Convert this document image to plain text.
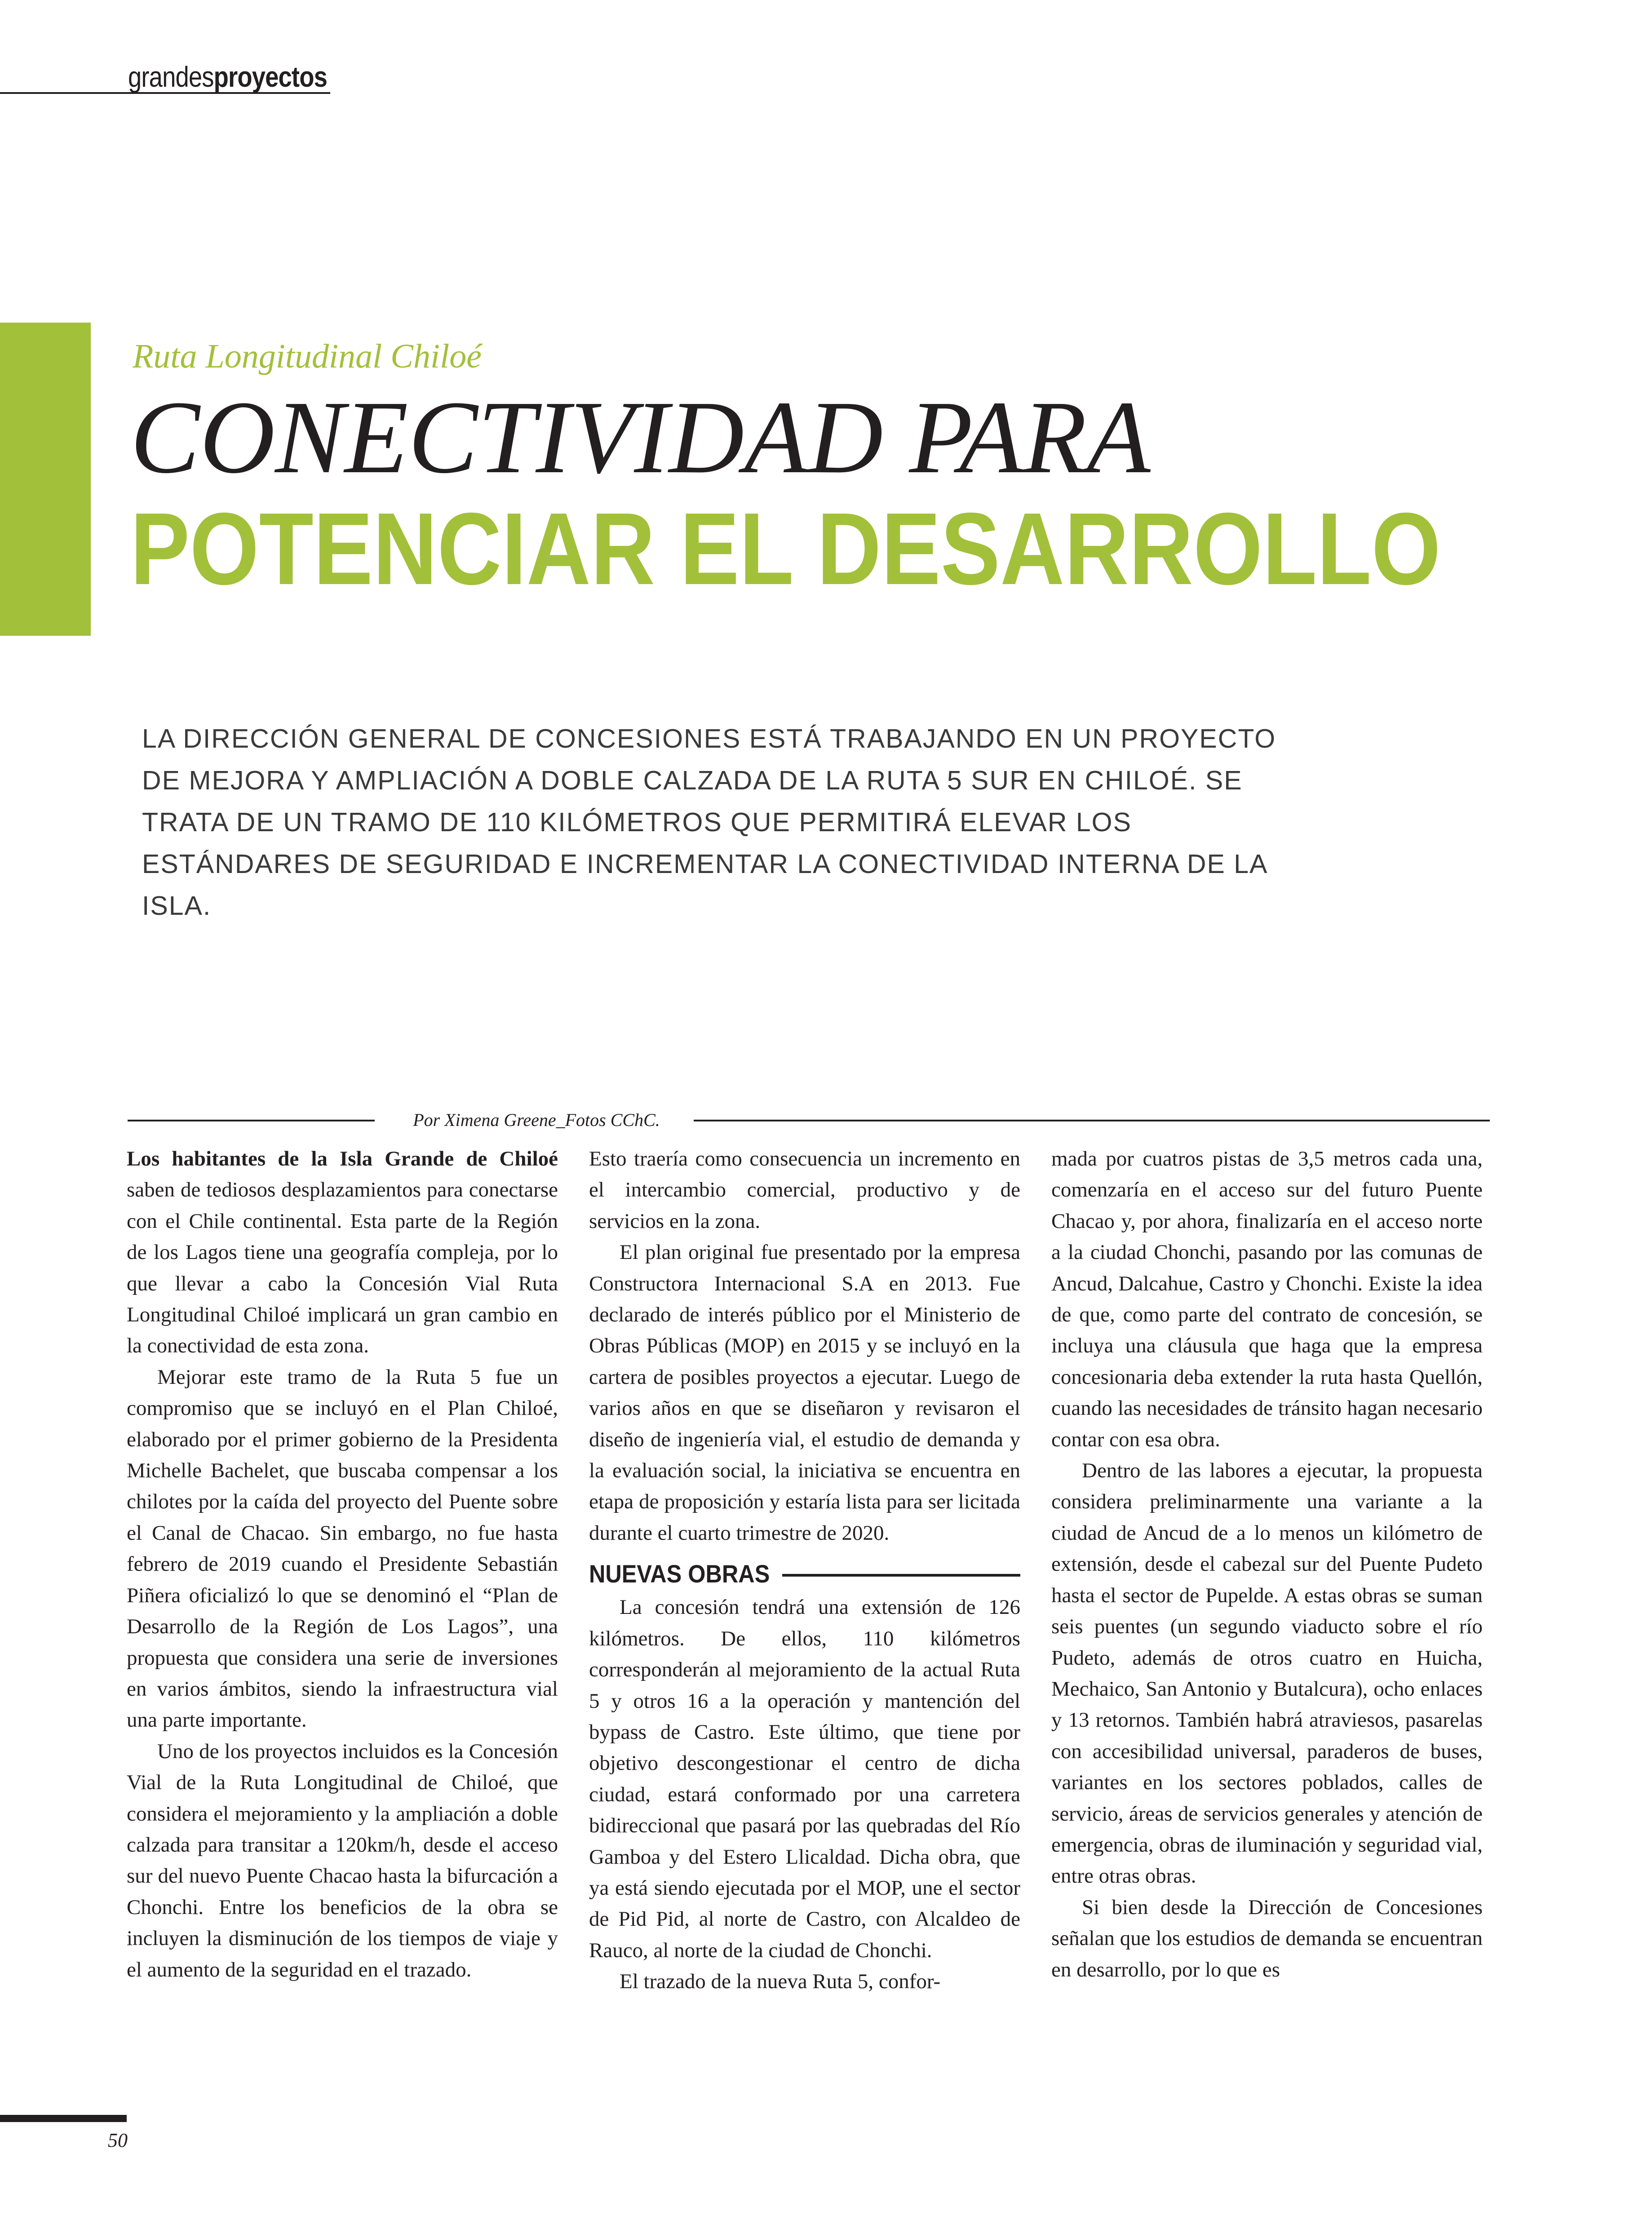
grandesproyectos
Ruta Longitudinal Chiloé
CONECTIVIDAD PARA
POTENCIAR EL DESARROLLO

LA DIRECCIÓN GENERAL DE CONCESIONES ESTÁ TRABAJANDO EN UN PROYECTO DE MEJORA Y AMPLIACIÓN A DOBLE CALZADA DE LA RUTA 5 SUR EN CHILOÉ. SE TRATA DE UN TRAMO DE 110 KILÓMETROS QUE PERMITIRÁ ELEVAR LOS ESTÁNDARES DE SEGURIDAD E INCREMENTAR LA CONECTIVIDAD INTERNA DE LA ISLA.

Por Ximena Greene_Fotos CChC.

Los habitantes de la Isla Grande de Chiloé saben de tediosos desplazamientos para conectarse con el Chile continental. Esta parte de la Región de los Lagos tiene una geografía compleja, por lo que llevar a cabo la Concesión Vial Ruta Longitudinal Chiloé implicará un gran cambio en la conectividad de esta zona.

Mejorar este tramo de la Ruta 5 fue un compromiso que se incluyó en el Plan Chiloé, elaborado por el primer gobierno de la Presidenta Michelle Bachelet, que buscaba compensar a los chilotes por la caída del proyecto del Puente sobre el Canal de Chacao. Sin embargo, no fue hasta febrero de 2019 cuando el Presidente Sebastián Piñera oficializó lo que se denominó el “Plan de Desarrollo de la Región de Los Lagos”, una propuesta que considera una serie de inversiones en varios ámbitos, siendo la infraestructura vial una parte importante.

Uno de los proyectos incluidos es la Concesión Vial de la Ruta Longitudinal de Chiloé, que considera el mejoramiento y la ampliación a doble calzada para transitar a 120km/h, desde el acceso sur del nuevo Puente Chacao hasta la bifurcación a Chonchi. Entre los beneficios de la obra se incluyen la disminución de los tiempos de viaje y el aumento de la seguridad en el trazado.

Esto traería como consecuencia un incremento en el intercambio comercial, productivo y de servicios en la zona.

El plan original fue presentado por la empresa Constructora Internacional S.A en 2013. Fue declarado de interés público por el Ministerio de Obras Públicas (MOP) en 2015 y se incluyó en la cartera de posibles proyectos a ejecutar. Luego de varios años en que se diseñaron y revisaron el diseño de ingeniería vial, el estudio de demanda y la evaluación social, la iniciativa se encuentra en etapa de proposición y estaría lista para ser licitada durante el cuarto trimestre de 2020.

NUEVAS OBRAS

La concesión tendrá una extensión de 126 kilómetros. De ellos, 110 kilómetros corresponderán al mejoramiento de la actual Ruta 5 y otros 16 a la operación y mantención del bypass de Castro. Este último, que tiene por objetivo descongestionar el centro de dicha ciudad, estará conformado por una carretera bidireccional que pasará por las quebradas del Río Gamboa y del Estero Llicaldad. Dicha obra, que ya está siendo ejecutada por el MOP, une el sector de Pid Pid, al norte de Castro, con Alcaldeo de Rauco, al norte de la ciudad de Chonchi.

El trazado de la nueva Ruta 5, confor-

mada por cuatros pistas de 3,5 metros cada una, comenzaría en el acceso sur del futuro Puente Chacao y, por ahora, finalizaría en el acceso norte a la ciudad Chonchi, pasando por las comunas de Ancud, Dalcahue, Castro y Chonchi. Existe la idea de que, como parte del contrato de concesión, se incluya una cláusula que haga que la empresa concesionaria deba extender la ruta hasta Quellón, cuando las necesidades de tránsito hagan necesario contar con esa obra.

Dentro de las labores a ejecutar, la propuesta considera preliminarmente una variante a la ciudad de Ancud de a lo menos un kilómetro de extensión, desde el cabezal sur del Puente Pudeto hasta el sector de Pupelde. A estas obras se suman seis puentes (un segundo viaducto sobre el río Pudeto, además de otros cuatro en Huicha, Mechaico, San Antonio y Butalcura), ocho enlaces y 13 retornos. También habrá atraviesos, pasarelas con accesibilidad universal, paraderos de buses, variantes en los sectores poblados, calles de servicio, áreas de servicios generales y atención de emergencia, obras de iluminación y seguridad vial, entre otras obras.

Si bien desde la Dirección de Concesiones señalan que los estudios de demanda se encuentran en desarrollo, por lo que es

50
